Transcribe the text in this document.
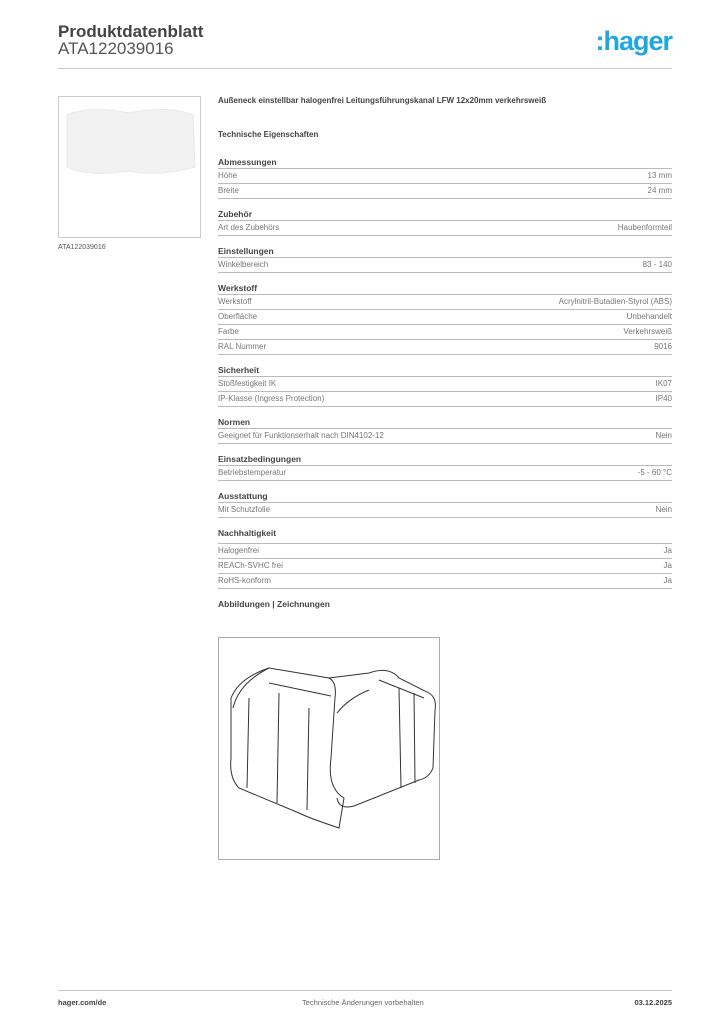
Produktdatenblatt
ATA122039016	:hager
ATA122039016
Außeneck einstellbar halogenfrei Leitungsführungskanal LFW 12x20mm verkehrsweiß
Technische Eigenschaften
Abmessungen
Höhe	13 mm
Breite	24 mm
Zubehör
Art des Zubehörs	Haubenformteil
Einstellungen
Winkelbereich	83 - 140
Werkstoff
Werkstoff	Acrylnitril-Butadien-Styrol (ABS)
Oberfläche	Unbehandelt
Farbe	Verkehrsweiß
RAL Nummer	9016
Sicherheit
Stoßfestigkeit IK	IK07
IP-Klasse (Ingress Protection)	IP40
Normen
Geeignet für Funktionserhalt nach DIN4102-12	Nein
Einsatzbedingungen
Betriebstemperatur	-5 - 60 °C
Ausstattung
Mit Schutzfolie	Nein
Nachhaltigkeit
Halogenfrei	Ja
REACh-SVHC frei	Ja
RoHS-konform	Ja
Abbildungen | Zeichnungen
hager.com/de	Technische Änderungen vorbehalten	03.12.2025
